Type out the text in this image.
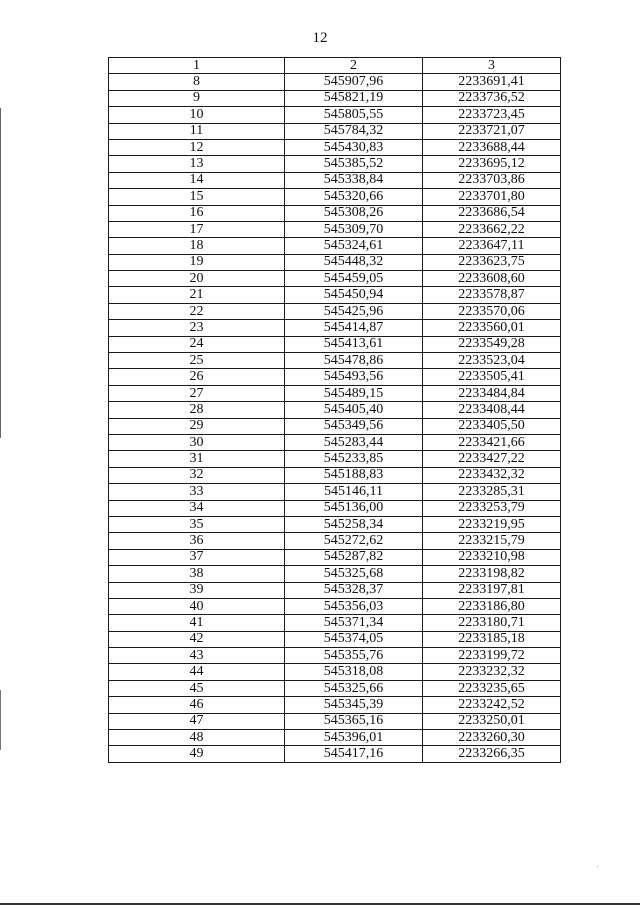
12
1	2	3
8	545907,96	2233691,41
9	545821,19	2233736,52
10	545805,55	2233723,45
11	545784,32	2233721,07
12	545430,83	2233688,44
13	545385,52	2233695,12
14	545338,84	2233703,86
15	545320,66	2233701,80
16	545308,26	2233686,54
17	545309,70	2233662,22
18	545324,61	2233647,11
19	545448,32	2233623,75
20	545459,05	2233608,60
21	545450,94	2233578,87
22	545425,96	2233570,06
23	545414,87	2233560,01
24	545413,61	2233549,28
25	545478,86	2233523,04
26	545493,56	2233505,41
27	545489,15	2233484,84
28	545405,40	2233408,44
29	545349,56	2233405,50
30	545283,44	2233421,66
31	545233,85	2233427,22
32	545188,83	2233432,32
33	545146,11	2233285,31
34	545136,00	2233253,79
35	545258,34	2233219,95
36	545272,62	2233215,79
37	545287,82	2233210,98
38	545325,68	2233198,82
39	545328,37	2233197,81
40	545356,03	2233186,80
41	545371,34	2233180,71
42	545374,05	2233185,18
43	545355,76	2233199,72
44	545318,08	2233232,32
45	545325,66	2233235,65
46	545345,39	2233242,52
47	545365,16	2233250,01
48	545396,01	2233260,30
49	545417,16	2233266,35
